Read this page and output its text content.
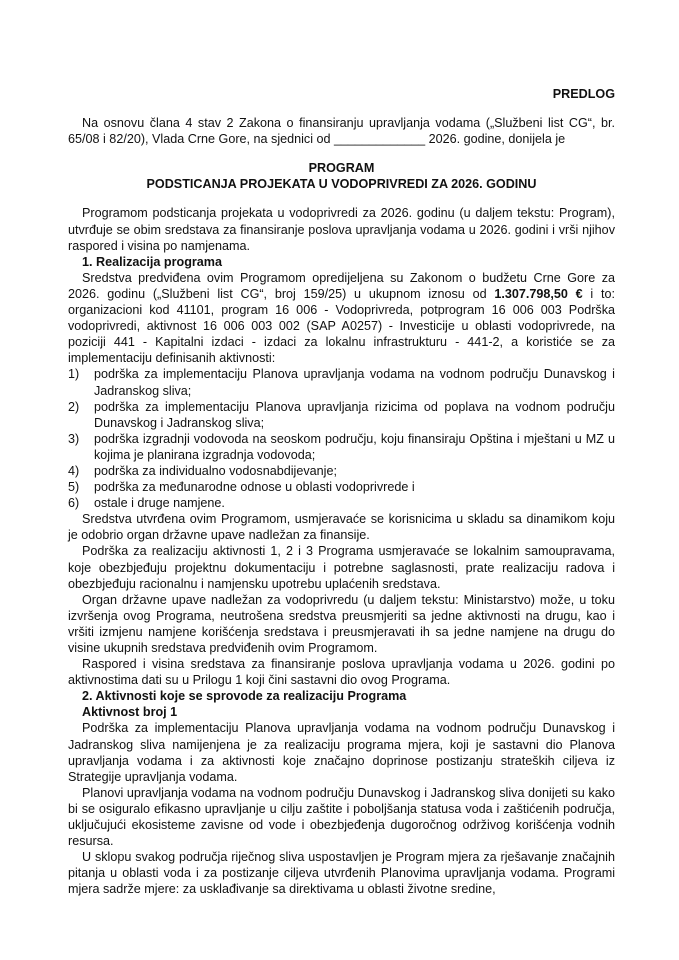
PREDLOG

Na osnovu člana 4 stav 2 Zakona o finansiranju upravljanja vodama („Službeni list CG“, br. 65/08 i 82/20), Vlada Crne Gore, na sjednici od _____________ 2026. godine, donijela je

PROGRAM

PODSTICANJA PROJEKATA U VODOPRIVREDI ZA 2026. GODINU

Programom podsticanja projekata u vodoprivredi za 2026. godinu (u daljem tekstu: Program), utvrđuje se obim sredstava za finansiranje poslova upravljanja vodama u 2026. godini i vrši njihov raspored i visina po namjenama.

1. Realizacija programa

Sredstva predviđena ovim Programom opredijeljena su Zakonom o budžetu Crne Gore za 2026. godinu („Službeni list CG“, broj 159/25) u ukupnom iznosu od 1.307.798,50 € i to: organizacioni kod 41101, program 16 006 - Vodoprivreda, potprogram 16 006 003 Podrška vodoprivredi, aktivnost 16 006 003 002 (SAP A0257) - Investicije u oblasti vodoprivrede, na poziciji 441 - Kapitalni izdaci - izdaci za lokalnu infrastrukturu - 441-2, a koristiće se za implementaciju definisanih aktivnosti:

1)	podrška za implementaciju Planova upravljanja vodama na vodnom području Dunavskog i Jadranskog sliva;
2)	podrška za implementaciju Planova upravljanja rizicima od poplava na vodnom području Dunavskog i Jadranskog sliva;
3)	podrška izgradnji vodovoda na seoskom području, koju finansiraju Opština i mještani u MZ u kojima je planirana izgradnja vodovoda;
4)	podrška za individualno vodosnabdijevanje;
5)	podrška za međunarodne odnose u oblasti vodoprivrede i
6)	ostale i druge namjene.

Sredstva utvrđena ovim Programom, usmjeravaće se korisnicima u skladu sa dinamikom koju je odobrio organ državne upave nadležan za finansije.

Podrška za realizaciju aktivnosti 1, 2 i 3 Programa usmjeravaće se lokalnim samoupravama, koje obezbjeđuju projektnu dokumentaciju i potrebne saglasnosti, prate realizaciju radova i obezbjeđuju racionalnu i namjensku upotrebu uplaćenih sredstava.

Organ državne upave nadležan za vodoprivredu (u daljem tekstu: Ministarstvo) može, u toku izvršenja ovog Programa, neutrošena sredstva preusmjeriti sa jedne aktivnosti na drugu, kao i vršiti izmjenu namjene korišćenja sredstava i preusmjeravati ih sa jedne namjene na drugu do visine ukupnih sredstava predviđenih ovim Programom.

Raspored i visina sredstava za finansiranje poslova upravljanja vodama u 2026. godini po aktivnostima dati su u Prilogu 1 koji čini sastavni dio ovog Programa.

2. Aktivnosti koje se sprovode za realizaciju Programa

Aktivnost broj 1

Podrška za implementaciju Planova upravljanja vodama na vodnom području Dunavskog i Jadranskog sliva namijenjena je za realizaciju programa mjera, koji je sastavni dio Planova upravljanja vodama i za aktivnosti koje značajno doprinose postizanju strateških ciljeva iz Strategije upravljanja vodama.

Planovi upravljanja vodama na vodnom području Dunavskog i Jadranskog sliva donijeti su kako bi se osiguralo efikasno upravljanje u cilju zaštite i poboljšanja statusa voda i zaštićenih područja, uključujući ekosisteme zavisne od vode i obezbjeđenja dugoročnog održivog korišćenja vodnih resursa.

U sklopu svakog područja riječnog sliva uspostavljen je Program mjera za rješavanje značajnih pitanja u oblasti voda i za postizanje ciljeva utvrđenih Planovima upravljanja vodama. Programi mjera sadrže mjere: za usklađivanje sa direktivama u oblasti životne sredine,
